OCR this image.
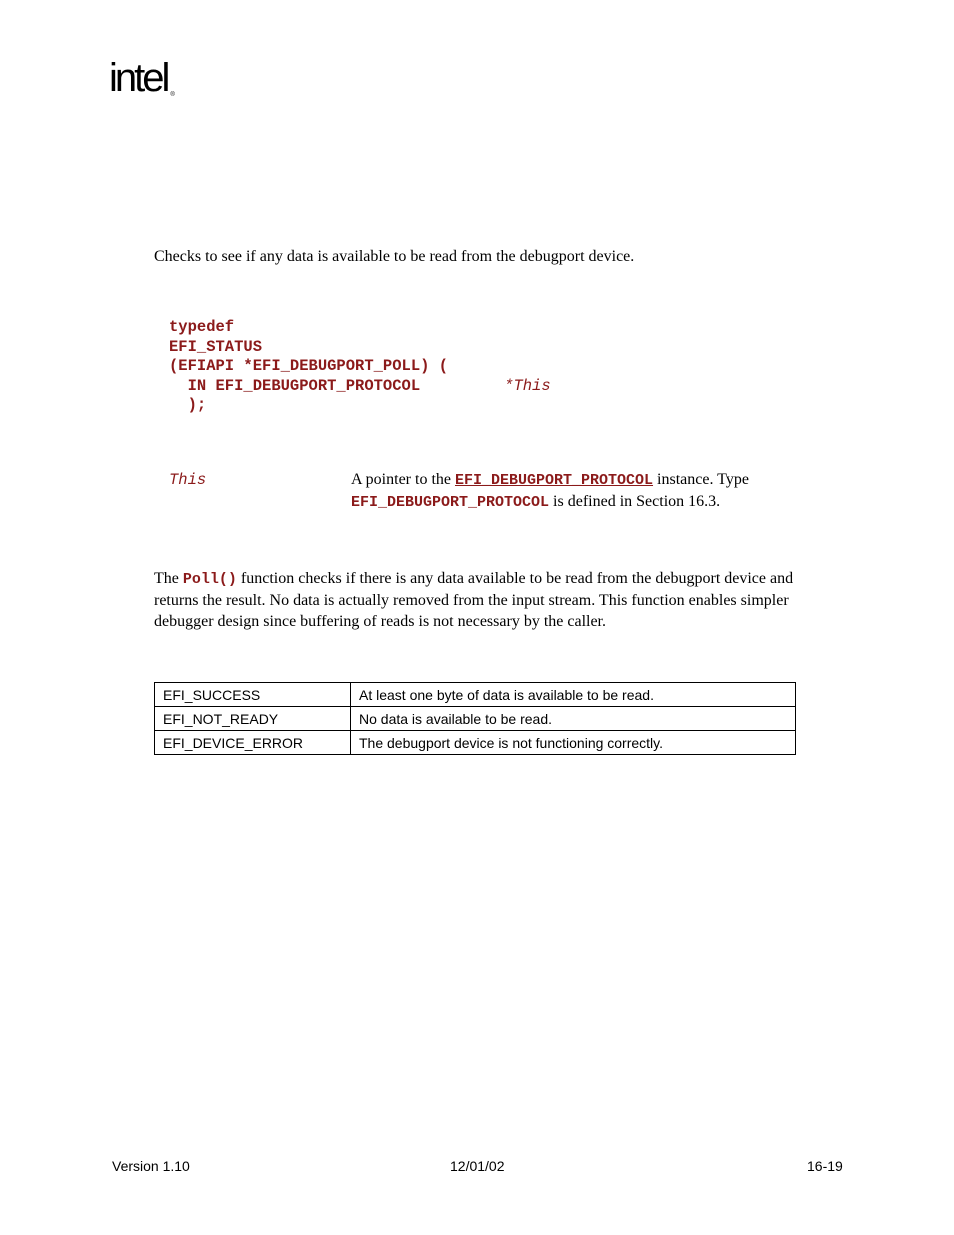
intel ®
Checks to see if any data is available to be read from the debugport device.
typedef
EFI_STATUS
(EFIAPI *EFI_DEBUGPORT_POLL) (
IN EFI_DEBUGPORT_PROTOCOL	*This
);
This	A pointer to the EFI_DEBUGPORT_PROTOCOL instance. Type
EFI_DEBUGPORT_PROTOCOL is defined in Section 16.3.
The Poll() function checks if there is any data available to be read from the debugport device and returns the result. No data is actually removed from the input stream. This function enables simpler debugger design since buffering of reads is not necessary by the caller.
EFI_SUCCESS	At least one byte of data is available to be read.
EFI_NOT_READY	No data is available to be read.
EFI_DEVICE_ERROR	The debugport device is not functioning correctly.
Version 1.10	12/01/02	16-19
